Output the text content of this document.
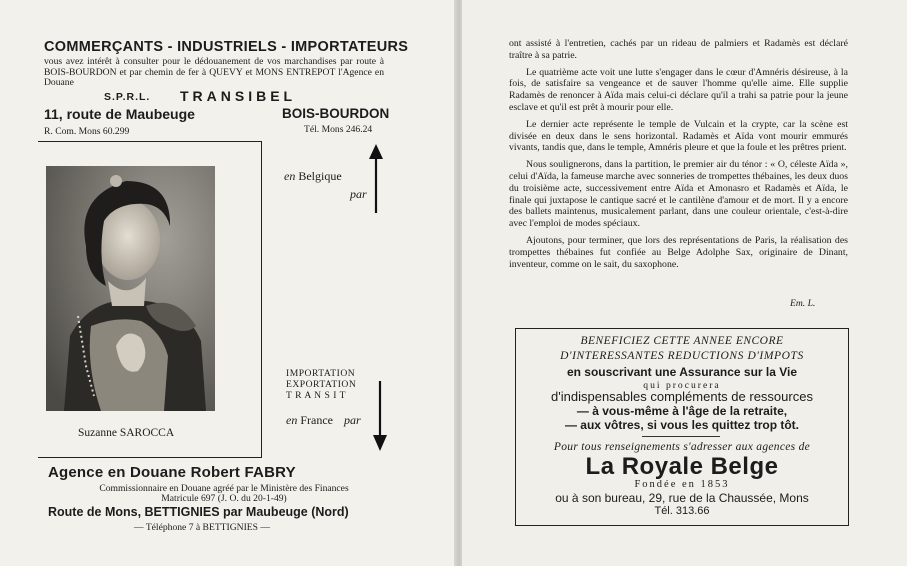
COMMERÇANTS - INDUSTRIELS - IMPORTATEURS
vous avez intérêt à consulter pour le dédouanement de vos marchandises par route à BOIS-BOURDON et par chemin de fer à QUEVY et MONS ENTREPOT l'Agence en Douane
S.P.R.L. TRANSIBEL
11, route de Maubeuge	BOIS-BOURDON
R. Com. Mons 60.299	Tél. Mons 246.24
Suzanne SAROCCA
en Belgique
par
IMPORTATION
EXPORTATION
T R A N S I T
en France par
Agence en Douane Robert FABRY
Commissionnaire en Douane agréé par le Ministère des Finances
Matricule 697 (J. O. du 20-1-49)
Route de Mons, BETTIGNIES par Maubeuge (Nord)
— Téléphone 7 à BETTIGNIES —

ont assisté à l'entretien, cachés par un rideau de palmiers et Radamès est déclaré traître à sa patrie.

Le quatrième acte voit une lutte s'engager dans le cœur d'Amnéris désireuse, à la fois, de satisfaire sa vengeance et de sauver l'homme qu'elle aime. Elle supplie Radamès de renoncer à Aïda mais celui-ci déclare qu'il a trahi sa patrie pour la jeune esclave et qu'il est prêt à mourir pour elle.

Le dernier acte représente le temple de Vulcain et la crypte, car la scène est divisée en deux dans le sens horizontal. Radamès et Aïda vont mourir emmurés vivants, tandis que, dans le temple, Amnéris pleure et que la foule et les prêtres prient.

Nous soulignerons, dans la partition, le premier air du ténor : « O, céleste Aïda », celui d'Aïda, la fameuse marche avec sonneries de trompettes thébaines, les deux duos du troisième acte, successivement entre Aïda et Amonasro et Radamès et Aïda, le finale qui juxtapose le cantique sacré et le cantilène d'amour et de mort. Il y a encore des ballets maintenus, musicalement parlant, dans une couleur orientale, c'est-à-dire avec l'emploi de modes spéciaux.

Ajoutons, pour terminer, que lors des représentations de Paris, la réalisation des trompettes thébaines fut confiée au Belge Adolphe Sax, originaire de Dinant, inventeur, comme on le sait, du saxophone.

Em. L.
BENEFICIEZ CETTE ANNEE ENCORE
D'INTERESSANTES REDUCTIONS D'IMPOTS
en souscrivant une Assurance sur la Vie
qui procurera
d'indispensables compléments de ressources
— à vous-même à l'âge de la retraite,
— aux vôtres, si vous les quittez trop tôt.
Pour tous renseignements s'adresser aux agences de
La Royale Belge
Fondée en 1853
ou à son bureau, 29, rue de la Chaussée, Mons
Tél. 313.66
